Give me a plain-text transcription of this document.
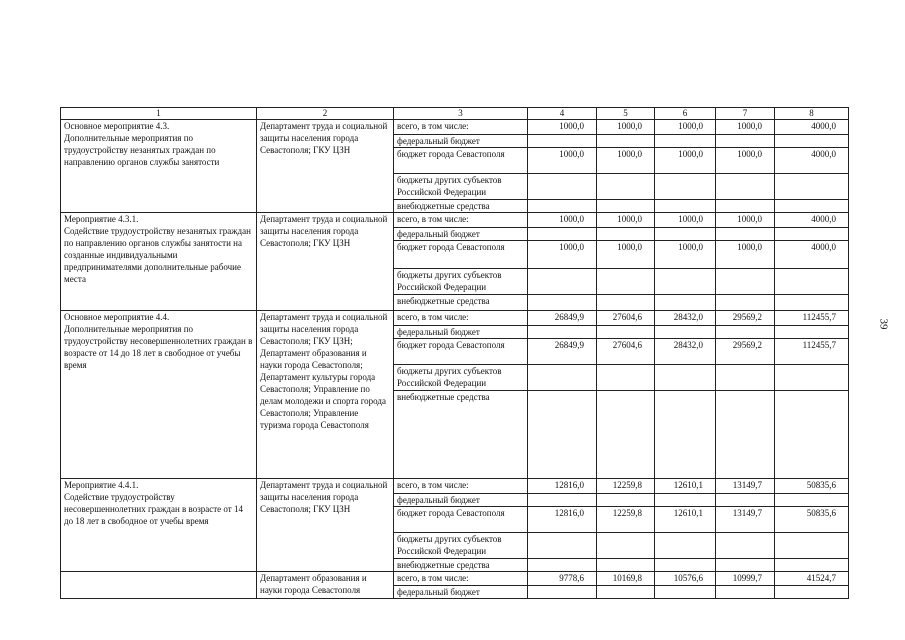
1	2	3	4	5	6	7	8
Основное мероприятие 4.3.
Дополнительные мероприятия по трудоустройству незанятых граждан по направлению органов службы занятости	Департамент труда и социальной защиты населения города Севастополя; ГКУ ЦЗН	всего, в том числе:	1000,0	1000,0	1000,0	1000,0	4000,0
		федеральный бюджет					
		бюджет города Севастополя	1000,0	1000,0	1000,0	1000,0	4000,0
		бюджеты других субъектов Российской Федерации					
		внебюджетные средства					
Мероприятие 4.3.1.
Содействие трудоустройству незанятых граждан по направлению органов службы занятости на созданные индивидуальными предпринимателями дополнительные рабочие места	Департамент труда и социальной защиты населения города Севастополя; ГКУ ЦЗН	всего, в том числе:	1000,0	1000,0	1000,0	1000,0	4000,0
		федеральный бюджет					
		бюджет города Севастополя	1000,0	1000,0	1000,0	1000,0	4000,0
		бюджеты других субъектов Российской Федерации					
		внебюджетные средства					
Основное мероприятие 4.4.
Дополнительные мероприятия по трудоустройству несовершеннолетних граждан в возрасте от 14 до 18 лет в свободное от учебы время	Департамент труда и социальной защиты населения города Севастополя; ГКУ ЦЗН; Департамент образования и науки города Севастополя; Департамент культуры города Севастополя; Управление по делам молодежи и спорта города Севастополя; Управление туризма города Севастополя	всего, в том числе:	26849,9	27604,6	28432,0	29569,2	112455,7
		федеральный бюджет					
		бюджет города Севастополя	26849,9	27604,6	28432,0	29569,2	112455,7
		бюджеты других субъектов Российской Федерации					
		внебюджетные средства					
Мероприятие 4.4.1.
Содействие трудоустройству несовершеннолетних граждан в возрасте от 14 до 18 лет в свободное от учебы время	Департамент труда и социальной защиты населения города Севастополя; ГКУ ЦЗН	всего, в том числе:	12816,0	12259,8	12610,1	13149,7	50835,6
		федеральный бюджет					
		бюджет города Севастополя	12816,0	12259,8	12610,1	13149,7	50835,6
		бюджеты других субъектов Российской Федерации					
		внебюджетные средства					
	Департамент образования и науки города Севастополя	всего, в том числе:	9778,6	10169,8	10576,6	10999,7	41524,7
		федеральный бюджет					
39
